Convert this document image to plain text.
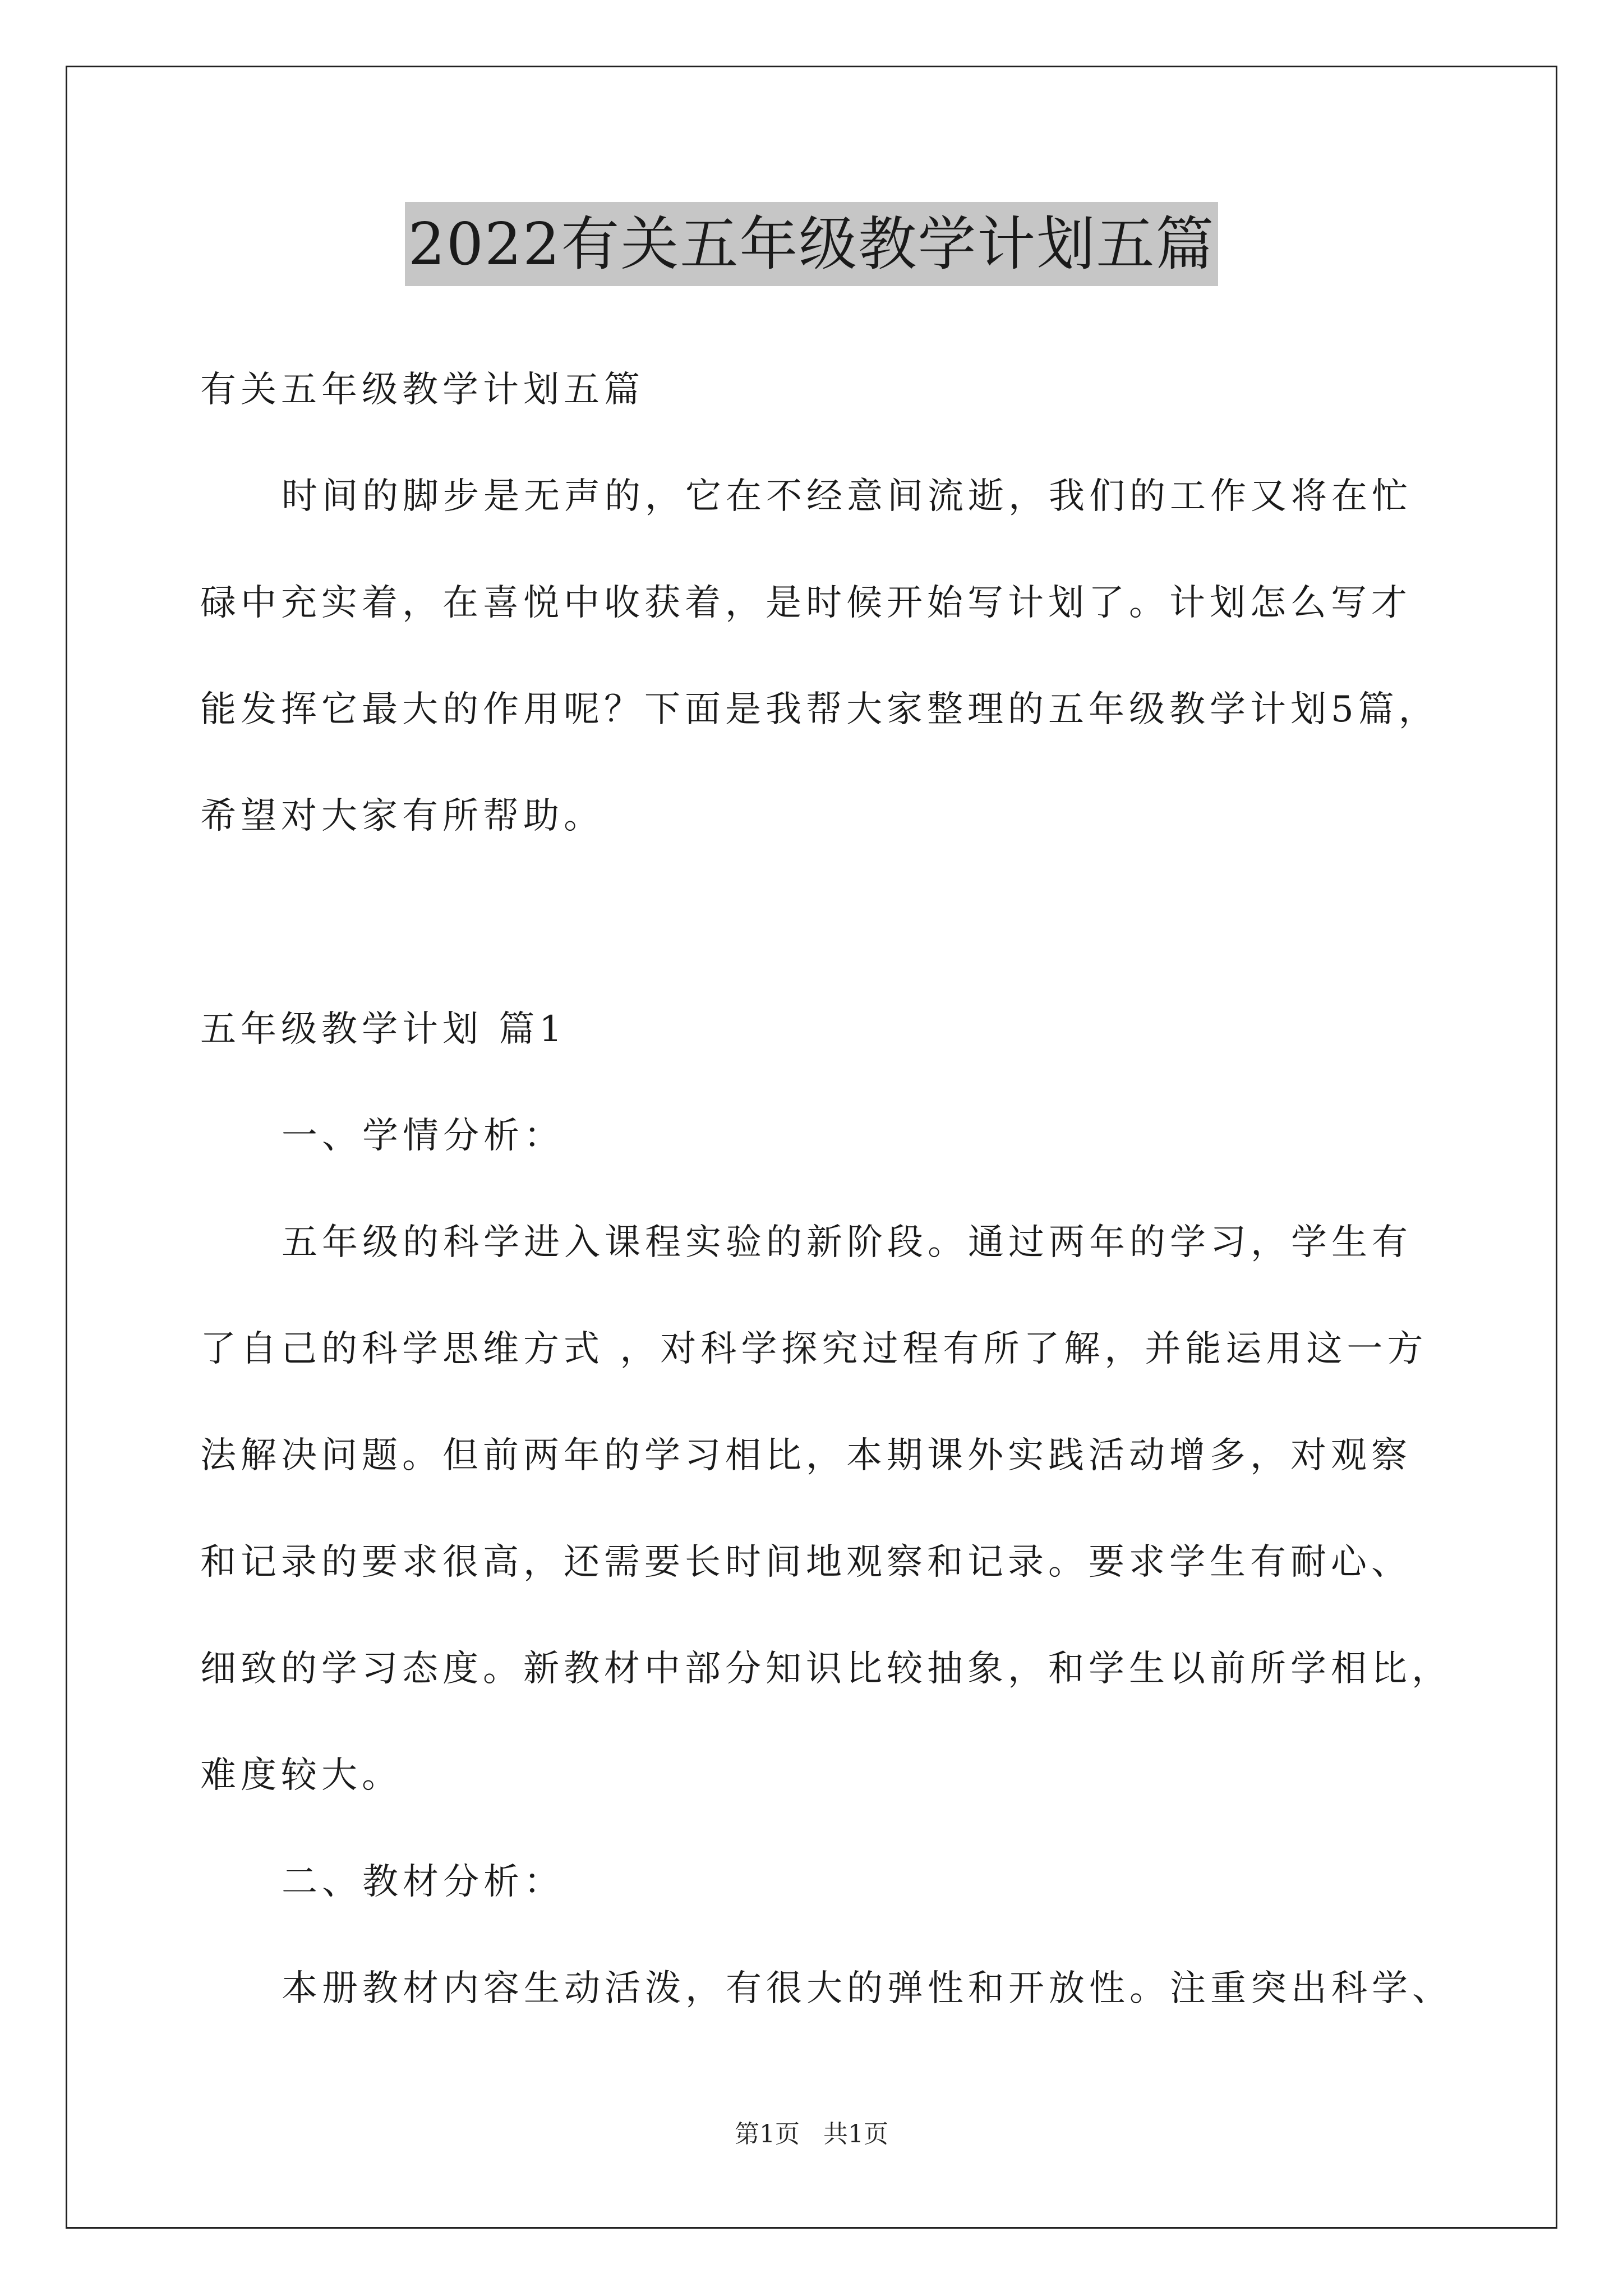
2022有关五年级教学计划五篇

有关五年级教学计划五篇

时间的脚步是无声的，它在不经意间流逝，我们的工作又将在忙

碌中充实着，在喜悦中收获着，是时候开始写计划了。计划怎么写才

能发挥它最大的作用呢？下面是我帮大家整理的五年级教学计划5篇，

希望对大家有所帮助。

五年级教学计划 篇1

一、学情分析：

五年级的科学进入课程实验的新阶段。通过两年的学习，学生有

了自己的科学思维方式 ，对科学探究过程有所了解，并能运用这一方

法解决问题。但前两年的学习相比，本期课外实践活动增多，对观察

和记录的要求很高，还需要长时间地观察和记录。要求学生有耐心、

细致的学习态度。新教材中部分知识比较抽象，和学生以前所学相比，

难度较大。

二、教材分析：

本册教材内容生动活泼，有很大的弹性和开放性。注重突出科学、

第1页   共1页
